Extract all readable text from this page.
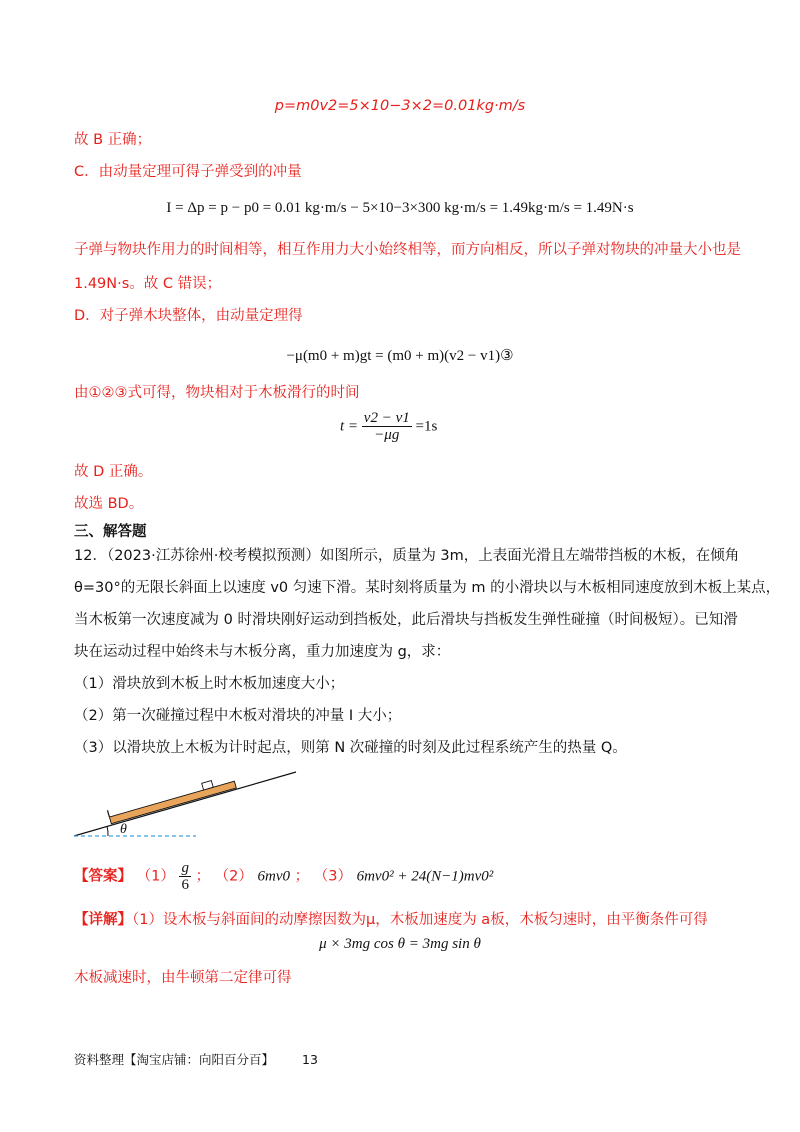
p=m0v2=5×10−3×2=0.01kg·m/s
故 B 正确；
C．由动量定理可得子弹受到的冲量
I = Δp = p − p0 = 0.01 kg·m/s − 5×10−3×300 kg·m/s = 1.49kg·m/s = 1.49N·s
子弹与物块作用力的时间相等，相互作用力大小始终相等，而方向相反，所以子弹对物块的冲量大小也是
1.49N·s。故 C 错误；
D．对子弹木块整体，由动量定理得
−μ(m0 + m)gt = (m0 + m)(v2 − v1)③
由①②③式可得，物块相对于木板滑行的时间
$t = \frac{v2 - v1}{-\mu g} =1s$
故 D 正确。
故选 BD。
三、解答题
12．（2023·江苏徐州·校考模拟预测）如图所示，质量为 3m，上表面光滑且左端带挡板的木板，在倾角
θ=30°的无限长斜面上以速度 v0 匀速下滑。某时刻将质量为 m 的小滑块以与木板相同速度放到木板上某点，
当木板第一次速度减为 0 时滑块刚好运动到挡板处，此后滑块与挡板发生弹性碰撞（时间极短）。已知滑
块在运动过程中始终未与木板分离，重力加速度为 g，求：
（1）滑块放到木板上时木板加速度大小；
（2）第一次碰撞过程中木板对滑块的冲量 I 大小；
（3）以滑块放上木板为计时起点，则第 N 次碰撞的时刻及此过程系统产生的热量 Q。
θ
【答案】 $(1) \frac{g}{6}$ ； （2） 6mv0 ； （3） 6mv0² + 24(N−1)mv0²
【详解】（1）设木板与斜面间的动摩擦因数为μ，木板加速度为 a板，木板匀速时，由平衡条件可得
μ × 3mg cos θ = 3mg sin θ
木板减速时，由牛顿第二定律可得
资料整理【淘宝店铺：向阳百分百】 13
